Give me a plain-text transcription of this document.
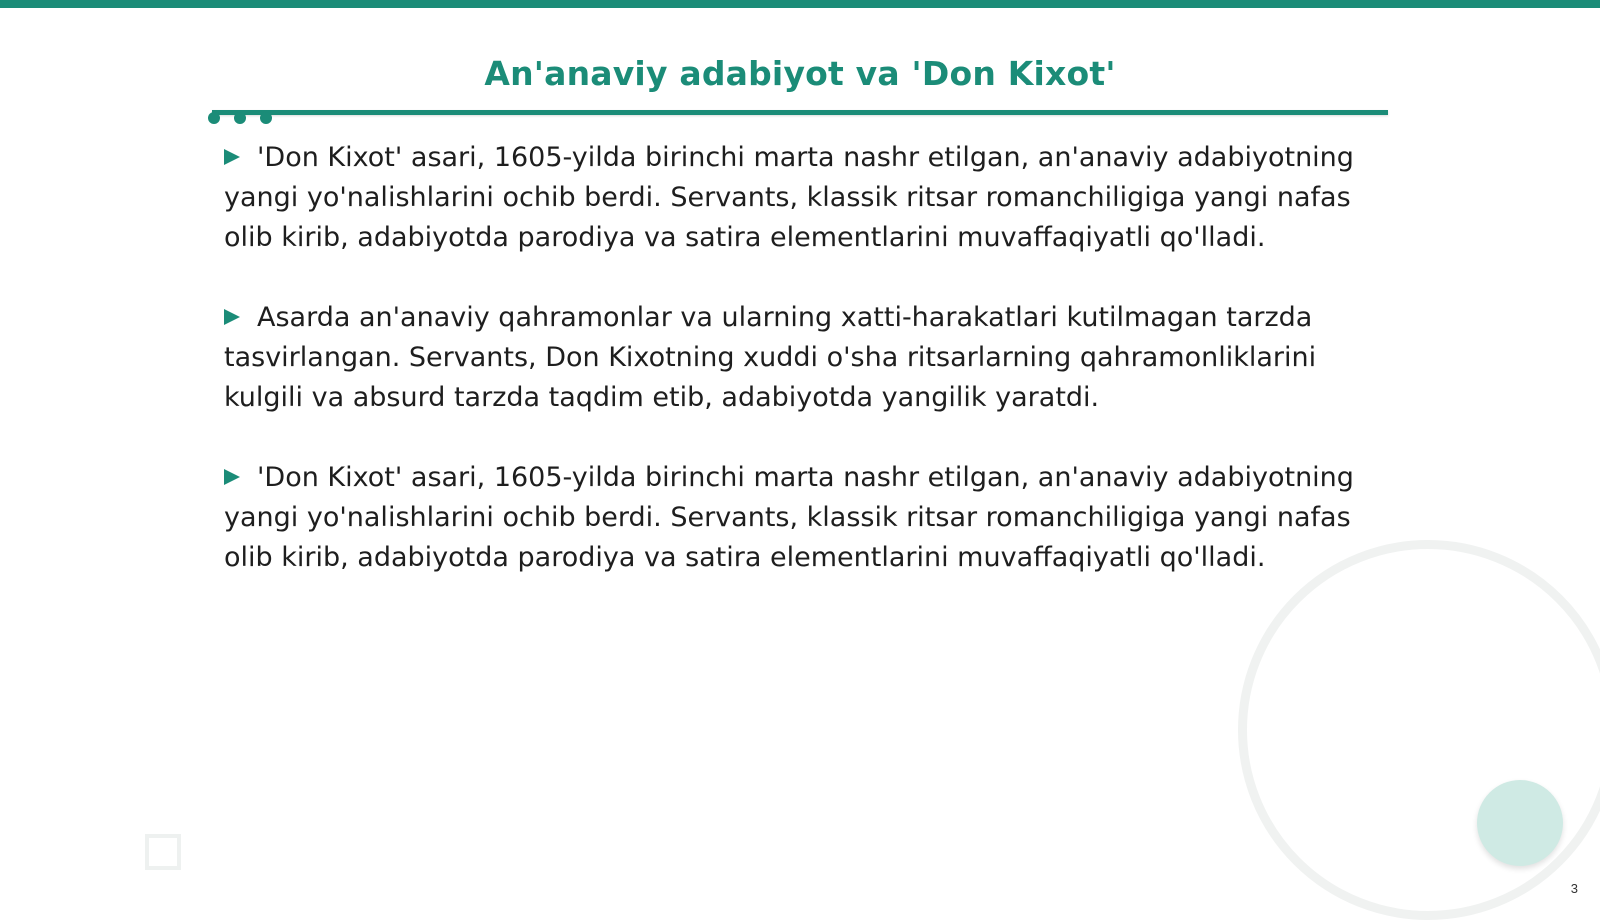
An'anaviy adabiyot va 'Don Kixot'

'Don Kixot' asari, 1605-yilda birinchi marta nashr etilgan, an'anaviy adabiyotning yangi yo'nalishlarini ochib berdi. Servants, klassik ritsar romanchiligiga yangi nafas olib kirib, adabiyotda parodiya va satira elementlarini muvaffaqiyatli qo'lladi.

Asarda an'anaviy qahramonlar va ularning xatti-harakatlari kutilmagan tarzda tasvirlangan. Servants, Don Kixotning xuddi o'sha ritsarlarning qahramonliklarini kulgili va absurd tarzda taqdim etib, adabiyotda yangilik yaratdi.

'Don Kixot' asari, 1605-yilda birinchi marta nashr etilgan, an'anaviy adabiyotning yangi yo'nalishlarini ochib berdi. Servants, klassik ritsar romanchiligiga yangi nafas olib kirib, adabiyotda parodiya va satira elementlarini muvaffaqiyatli qo'lladi.

3
